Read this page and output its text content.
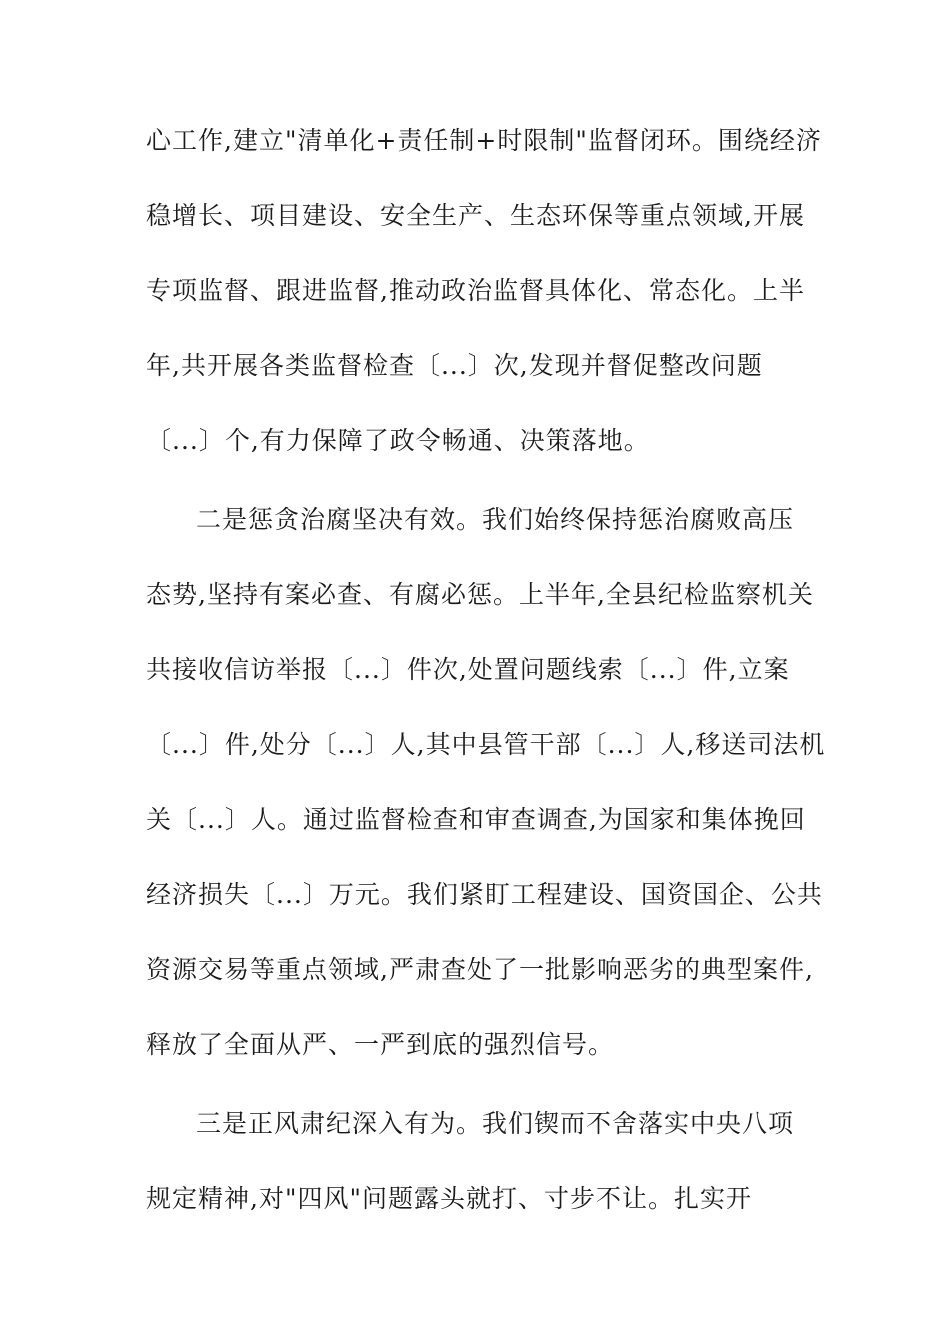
心工作,建立"清单化+责任制+时限制"监督闭环。围绕经济
稳增长、项目建设、安全生产、生态环保等重点领域,开展
专项监督、跟进监督,推动政治监督具体化、常态化。上半
年,共开展各类监督检查〔...〕次,发现并督促整改问题
〔...〕个,有力保障了政令畅通、决策落地。
二是惩贪治腐坚决有效。我们始终保持惩治腐败高压
态势,坚持有案必查、有腐必惩。上半年,全县纪检监察机关
共接收信访举报〔...〕件次,处置问题线索〔...〕件,立案
〔...〕件,处分〔...〕人,其中县管干部〔...〕人,移送司法机
关〔...〕人。通过监督检查和审查调查,为国家和集体挽回
经济损失〔...〕万元。我们紧盯工程建设、国资国企、公共
资源交易等重点领域,严肃查处了一批影响恶劣的典型案件,
释放了全面从严、一严到底的强烈信号。
三是正风肃纪深入有为。我们锲而不舍落实中央八项
规定精神,对"四风"问题露头就打、寸步不让。扎实开
